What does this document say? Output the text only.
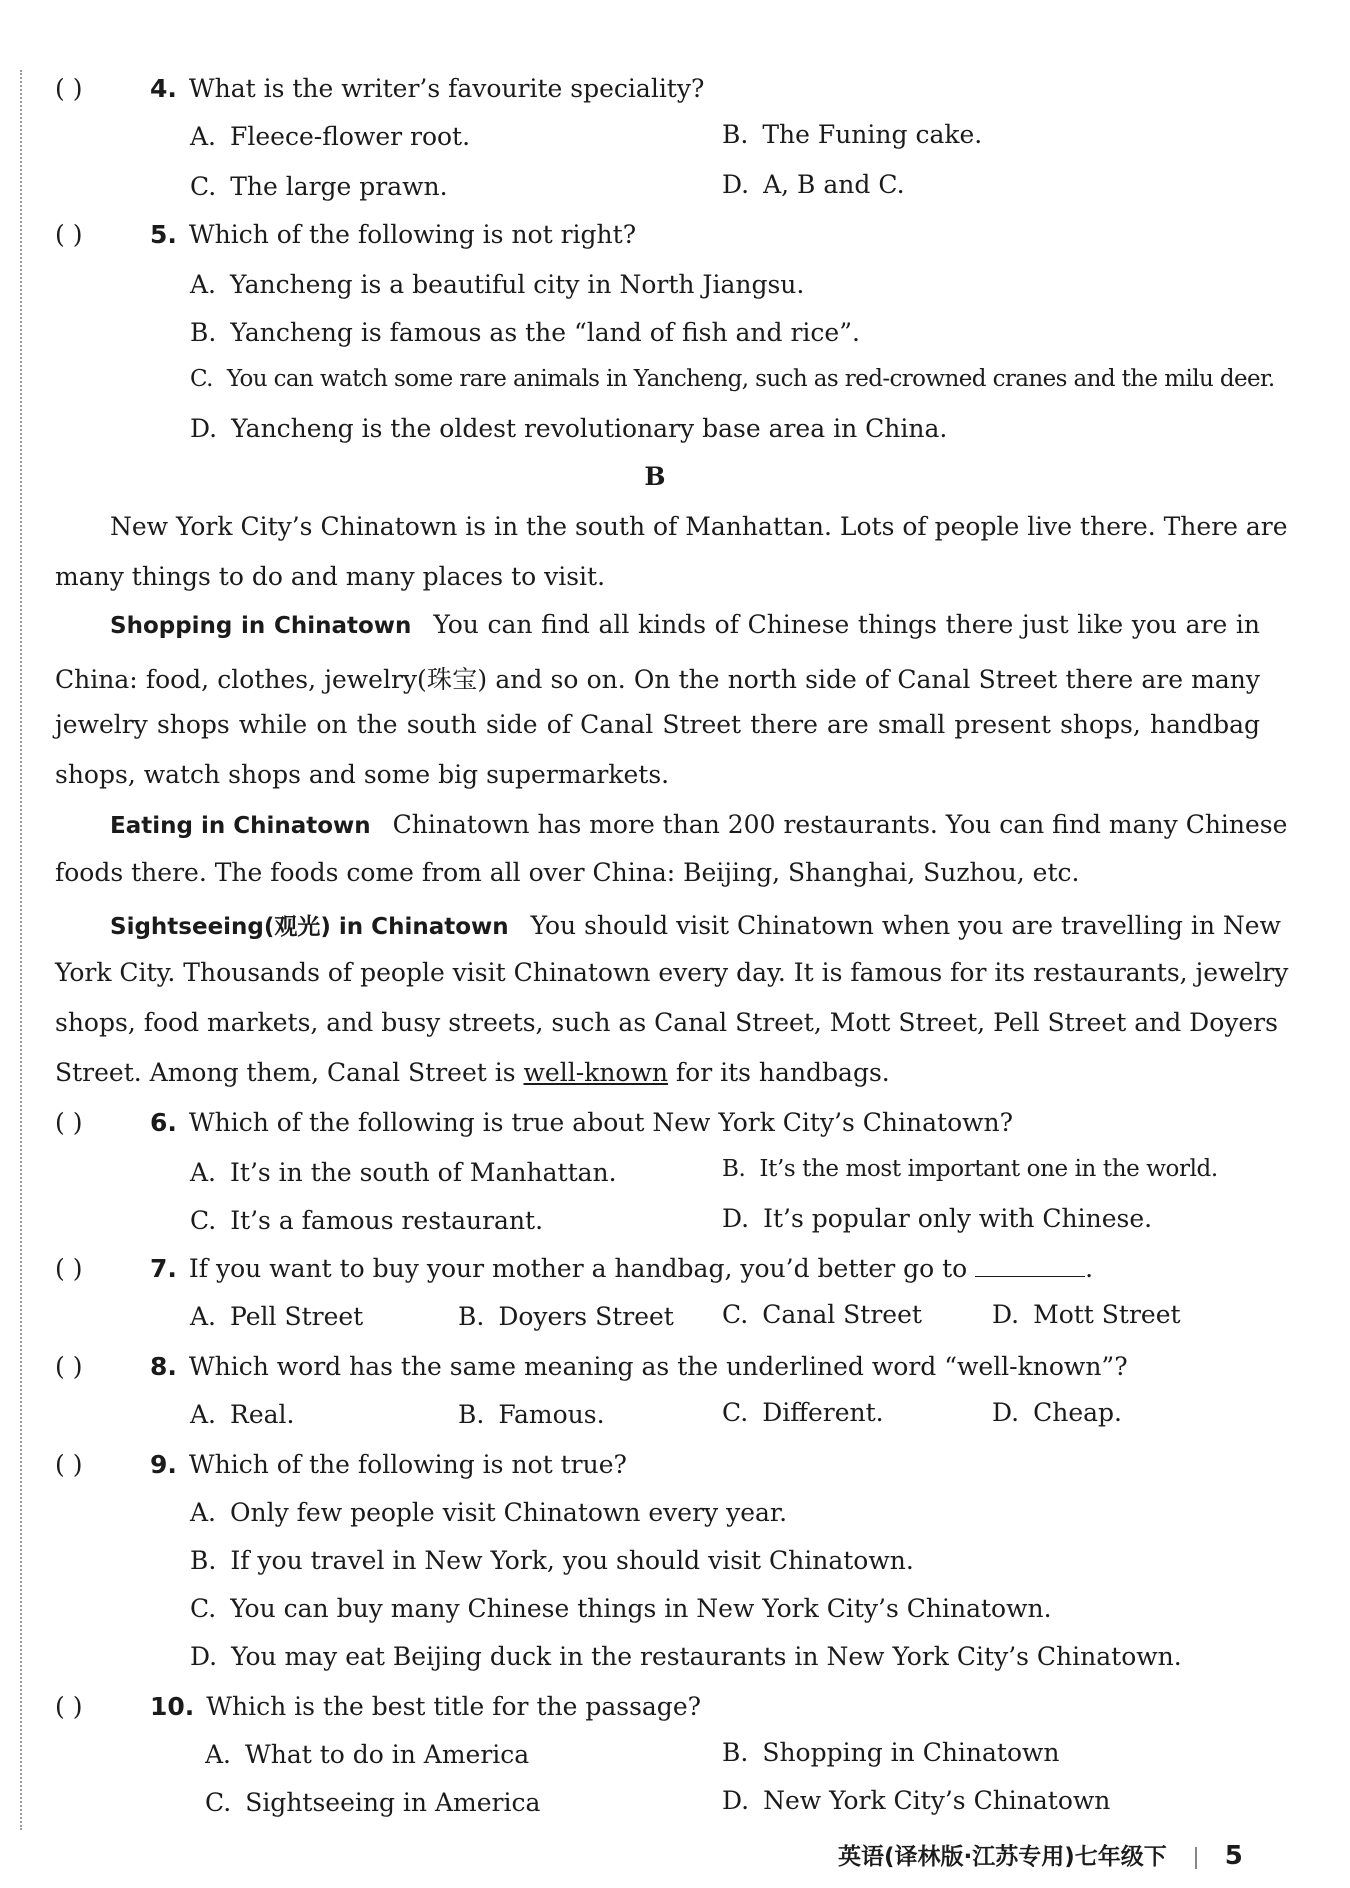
( )	4. What is the writer’s favourite speciality?
A. Fleece-flower root.	B. The Funing cake.
C. The large prawn.	D. A, B and C.
( )	5. Which of the following is not right?
A. Yancheng is a beautiful city in North Jiangsu.
B. Yancheng is famous as the “land of fish and rice”.
C. You can watch some rare animals in Yancheng, such as red-crowned cranes and the milu deer.
D. Yancheng is the oldest revolutionary base area in China.
B
New York City’s Chinatown is in the south of Manhattan. Lots of people live there. There are
many things to do and many places to visit.
Shopping in Chinatown You can find all kinds of Chinese things there just like you are in
China: food, clothes, jewelry(珠宝) and so on. On the north side of Canal Street there are many
jewelry shops while on the south side of Canal Street there are small present shops, handbag
shops, watch shops and some big supermarkets.
Eating in Chinatown Chinatown has more than 200 restaurants. You can find many Chinese
foods there. The foods come from all over China: Beijing, Shanghai, Suzhou, etc.
Sightseeing(观光) in Chinatown You should visit Chinatown when you are travelling in New
York City. Thousands of people visit Chinatown every day. It is famous for its restaurants, jewelry
shops, food markets, and busy streets, such as Canal Street, Mott Street, Pell Street and Doyers
Street. Among them, Canal Street is well-known for its handbags.
( )	6. Which of the following is true about New York City’s Chinatown?
A. It’s in the south of Manhattan.	B. It’s the most important one in the world.
C. It’s a famous restaurant.	D. It’s popular only with Chinese.
( )	7. If you want to buy your mother a handbag, you’d better go to	.
A. Pell Street	B. Doyers Street C. Canal Street	D. Mott Street
( )	8. Which word has the same meaning as the underlined word “well-known”?
A. Real.	B. Famous.	C. Different.	D. Cheap.
( )	9. Which of the following is not true?
A. Only few people visit Chinatown every year.
B. If you travel in New York, you should visit Chinatown.
C. You can buy many Chinese things in New York City’s Chinatown.
D. You may eat Beijing duck in the restaurants in New York City’s Chinatown.
( )	10. Which is the best title for the passage?
A. What to do in America	B. Shopping in Chinatown
C. Sightseeing in America	D. New York City’s Chinatown
英语(译林版·江苏专用)七年级下 5
